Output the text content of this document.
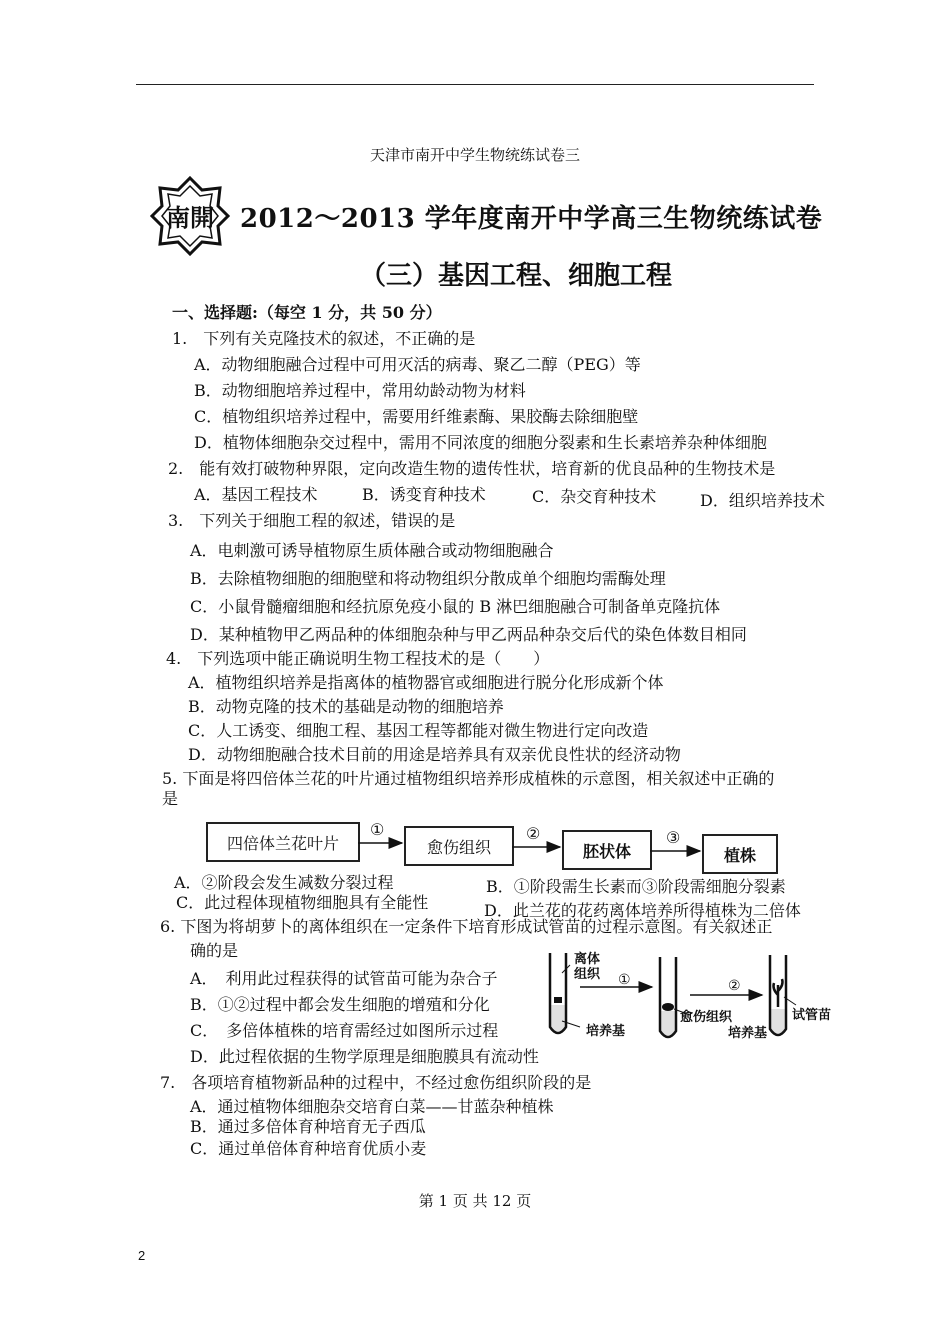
天津市南开中学生物统练试卷三
南開 2012～2013 学年度南开中学高三生物统练试卷
（三）基因工程、细胞工程
一、选择题:（每空 1 分，共 50 分）
1.　下列有关克隆技术的叙述，不正确的是
A．动物细胞融合过程中可用灭活的病毒、聚乙二醇（PEG）等
B．动物细胞培养过程中，常用幼龄动物为材料
C．植物组织培养过程中，需要用纤维素酶、果胶酶去除细胞壁
D．植物体细胞杂交过程中，需用不同浓度的细胞分裂素和生长素培养杂种体细胞
2.　能有效打破物种界限，定向改造生物的遗传性状，培育新的优良品种的生物技术是
A．基因工程技术	B．诱变育种技术	C．杂交育种技术	D．组织培养技术
3.　下列关于细胞工程的叙述，错误的是
A．电刺激可诱导植物原生质体融合或动物细胞融合
B．去除植物细胞的细胞壁和将动物组织分散成单个细胞均需酶处理
C．小鼠骨髓瘤细胞和经抗原免疫小鼠的 B 淋巴细胞融合可制备单克隆抗体
D．某种植物甲乙两品种的体细胞杂种与甲乙两品种杂交后代的染色体数目相同
4.　下列选项中能正确说明生物工程技术的是（　　）
A．植物组织培养是指离体的植物器官或细胞进行脱分化形成新个体
B．动物克隆的技术的基础是动物的细胞培养
C．人工诱变、细胞工程、基因工程等都能对微生物进行定向改造
D．动物细胞融合技术目前的用途是培养具有双亲优良性状的经济动物
5. 下面是将四倍体兰花的叶片通过植物组织培养形成植株的示意图，相关叙述中正确的
是
四倍体兰花叶片	愈伤组织	胚状体	植株
①	②	③
A．②阶段会发生减数分裂过程	B．①阶段需生长素而③阶段需细胞分裂素
C．此过程体现植物细胞具有全能性	D．此兰花的花药离体培养所得植株为二倍体
6. 下图为将胡萝卜的离体组织在一定条件下培育形成试管苗的过程示意图。有关叙述正
确的是
A．　利用此过程获得的试管苗可能为杂合子
B．①②过程中都会发生细胞的增殖和分化
C．　多倍体植株的培育需经过如图所示过程
D．此过程依据的生物学原理是细胞膜具有流动性
离体组织 ①	②
培养基
愈伤组织
培养基
试管苗
7.　各项培育植物新品种的过程中，不经过愈伤组织阶段的是
A．通过植物体细胞杂交培育白菜——甘蓝杂种植株
B．通过多倍体育种培育无子西瓜
C．通过单倍体育种培育优质小麦
第 1 页 共 12 页
2
